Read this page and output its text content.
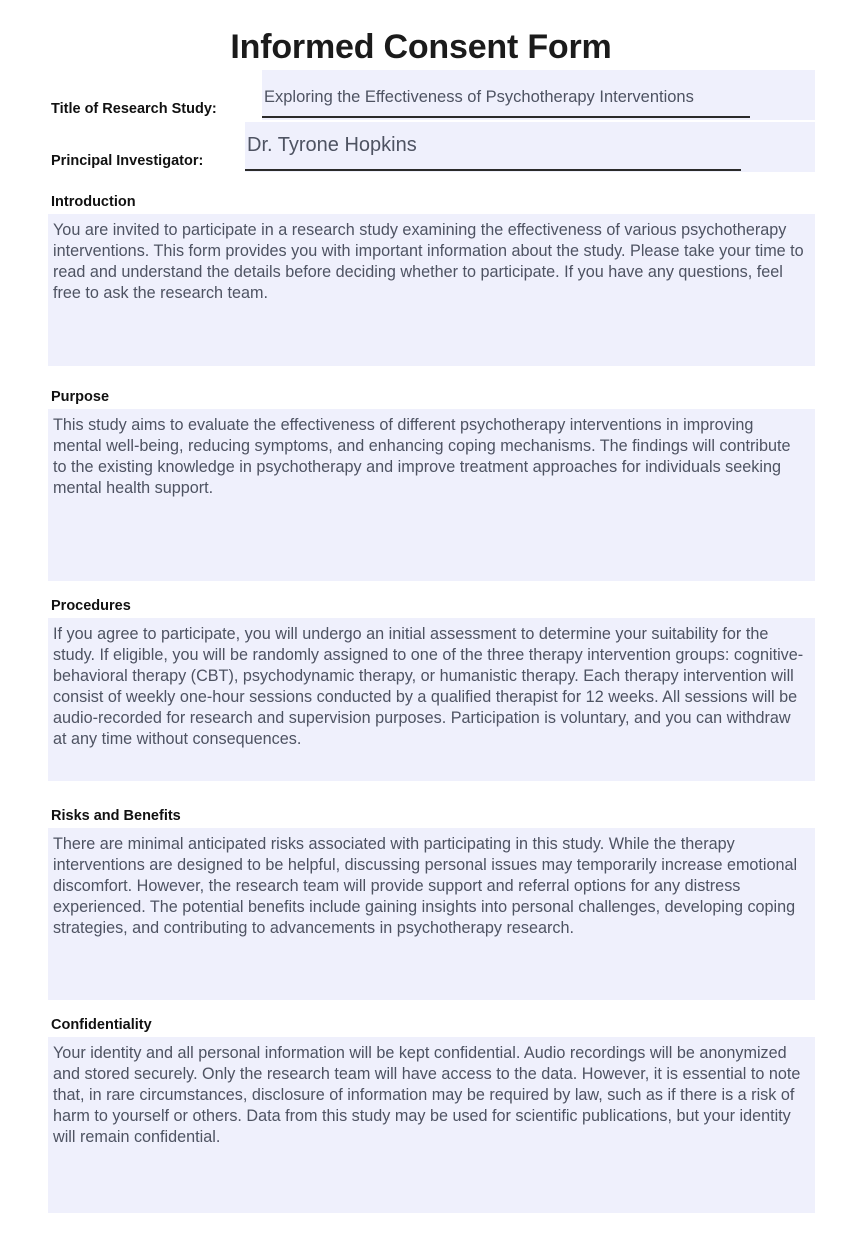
Informed Consent Form
Title of Research Study:
Exploring the Effectiveness of Psychotherapy Interventions
Principal Investigator:
Dr. Tyrone Hopkins
Introduction

You are invited to participate in a research study examining the effectiveness of various psychotherapy interventions. This form provides you with important information about the study. Please take your time to read and understand the details before deciding whether to participate. If you have any questions, feel free to ask the research team.

Purpose

This study aims to evaluate the effectiveness of different psychotherapy interventions in improving mental well-being, reducing symptoms, and enhancing coping mechanisms. The findings will contribute to the existing knowledge in psychotherapy and improve treatment approaches for individuals seeking mental health support.

Procedures

If you agree to participate, you will undergo an initial assessment to determine your suitability for the study. If eligible, you will be randomly assigned to one of the three therapy intervention groups: cognitive-behavioral therapy (CBT), psychodynamic therapy, or humanistic therapy. Each therapy intervention will consist of weekly one-hour sessions conducted by a qualified therapist for 12 weeks. All sessions will be audio-recorded for research and supervision purposes. Participation is voluntary, and you can withdraw at any time without consequences.

Risks and Benefits

There are minimal anticipated risks associated with participating in this study. While the therapy interventions are designed to be helpful, discussing personal issues may temporarily increase emotional discomfort. However, the research team will provide support and referral options for any distress experienced. The potential benefits include gaining insights into personal challenges, developing coping strategies, and contributing to advancements in psychotherapy research.

Confidentiality

Your identity and all personal information will be kept confidential. Audio recordings will be anonymized and stored securely. Only the research team will have access to the data. However, it is essential to note that, in rare circumstances, disclosure of information may be required by law, such as if there is a risk of harm to yourself or others. Data from this study may be used for scientific publications, but your identity will remain confidential.
